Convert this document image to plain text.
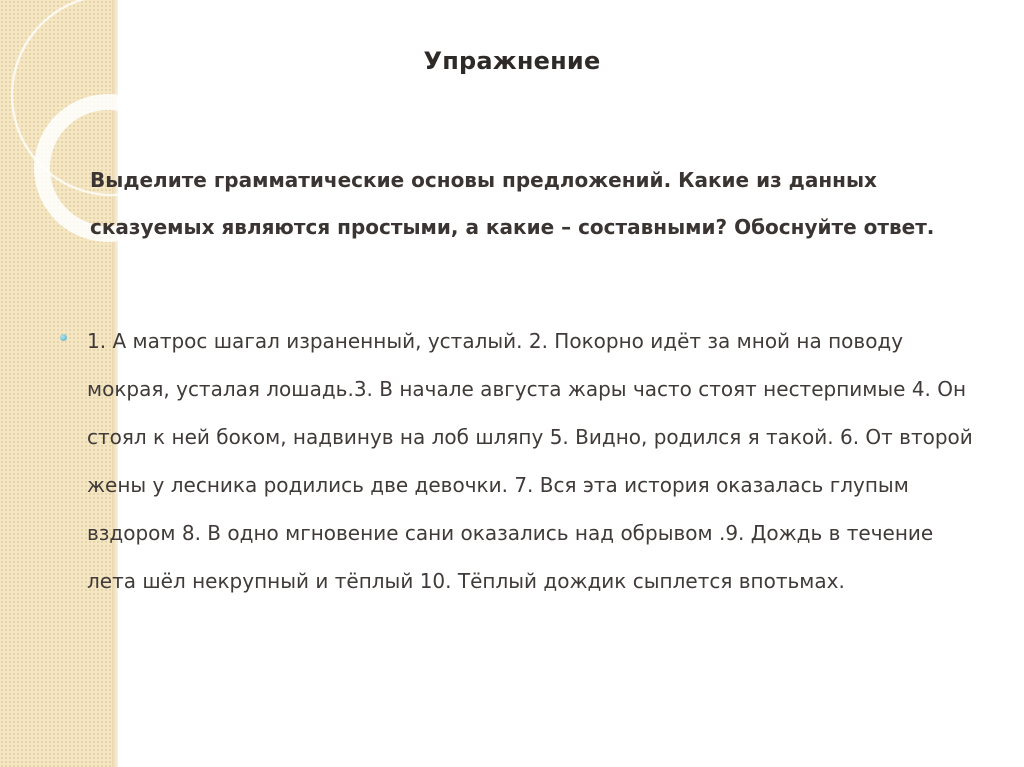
Упражнение
Выделите грамматические основы предложений. Какие из данных сказуемых являются простыми, а какие – составными? Обоснуйте ответ.

1. А матрос шагал израненный, усталый. 2. Покорно идёт за мной на поводу мокрая, усталая лошадь.3. В начале августа жары часто стоят нестерпимые 4. Он стоял к ней боком, надвинув на лоб шляпу 5. Видно, родился я такой. 6. От второй жены у лесника родились две девочки. 7. Вся эта история оказалась глупым вздором 8. В одно мгновение сани оказались над обрывом .9. Дождь в течение лета шёл некрупный и тёплый 10. Тёплый дождик сыплется впотьмах.
